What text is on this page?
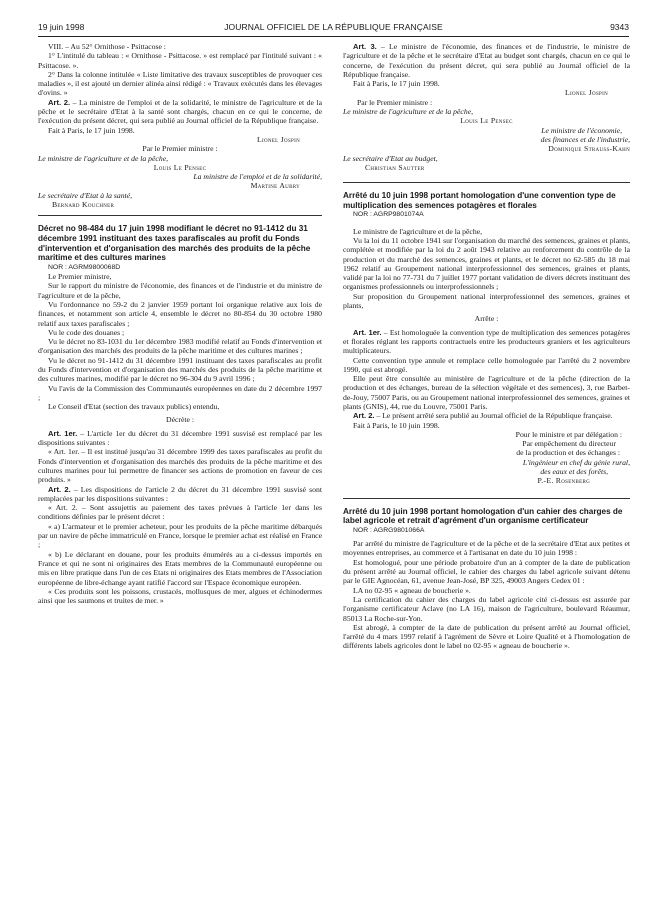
19 juin 1998	JOURNAL OFFICIEL DE LA RÉPUBLIQUE FRANÇAISE	9343

VIII. – Au 52° Ornithose - Psittacose :

1° L'intitulé du tableau : « Ornithose - Psittacose. » est remplacé par l'intitulé suivant : « Psittacose. ».

2° Dans la colonne intitulée « Liste limitative des travaux susceptibles de provoquer ces maladies », il est ajouté un dernier alinéa ainsi rédigé : « Travaux exécutés dans les élevages d'ovins. »

Art. 2. – La ministre de l'emploi et de la solidarité, le ministre de l'agriculture et de la pêche et le secrétaire d'Etat à la santé sont chargés, chacun en ce qui le concerne, de l'exécution du présent décret, qui sera publié au Journal officiel de la République française.

Fait à Paris, le 17 juin 1998.

Lionel Jospin

Par le Premier ministre :

Le ministre de l'agriculture et de la pêche,

Louis Le Pensec

La ministre de l'emploi et de la solidarité,

Martine Aubry

Le secrétaire d'Etat à la santé,

Bernard Kouchner

Décret no 98-484 du 17 juin 1998 modifiant le décret no 91-1412 du 31 décembre 1991 instituant des taxes parafiscales au profit du Fonds d'intervention et d'organisation des marchés des produits de la pêche maritime et des cultures marines

NOR : AGRM9800068D

Le Premier ministre,

Sur le rapport du ministre de l'économie, des finances et de l'industrie et du ministre de l'agriculture et de la pêche,

Vu l'ordonnance no 59-2 du 2 janvier 1959 portant loi organique relative aux lois de finances, et notamment son article 4, ensemble le décret no 80-854 du 30 octobre 1980 relatif aux taxes parafiscales ;

Vu le code des douanes ;

Vu le décret no 83-1031 du 1er décembre 1983 modifié relatif au Fonds d'intervention et d'organisation des marchés des produits de la pêche maritime et des cultures marines ;

Vu le décret no 91-1412 du 31 décembre 1991 instituant des taxes parafiscales au profit du Fonds d'intervention et d'organisation des marchés des produits de la pêche maritime et des cultures marines, modifié par le décret no 96-304 du 9 avril 1996 ;

Vu l'avis de la Commission des Communautés européennes en date du 2 décembre 1997 ;

Le Conseil d'Etat (section des travaux publics) entendu,

Décrète :

Art. 1er. – L'article 1er du décret du 31 décembre 1991 susvisé est remplacé par les dispositions suivantes :

« Art. 1er. – Il est institué jusqu'au 31 décembre 1999 des taxes parafiscales au profit du Fonds d'intervention et d'organisation des marchés des produits de la pêche maritime et des cultures marines pour lui permettre de financer ses actions de promotion en faveur de ces produits. »

Art. 2. – Les dispositions de l'article 2 du décret du 31 décembre 1991 susvisé sont remplacées par les dispositions suivantes :

« Art. 2. – Sont assujettis au paiement des taxes prévues à l'article 1er dans les conditions définies par le présent décret :

« a) L'armateur et le premier acheteur, pour les produits de la pêche maritime débarqués par un navire de pêche immatriculé en France, lorsque le premier achat est réalisé en France ;

« b) Le déclarant en douane, pour les produits énumérés au a ci-dessus importés en France et qui ne sont ni originaires des Etats membres de la Communauté européenne ou mis en libre pratique dans l'un de ces Etats ni originaires des Etats membres de l'Association européenne de libre-échange ayant ratifié l'accord sur l'Espace économique européen.

« Ces produits sont les poissons, crustacés, mollusques de mer, algues et échinodermes ainsi que les saumons et truites de mer. »

Art. 3. – Le ministre de l'économie, des finances et de l'industrie, le ministre de l'agriculture et de la pêche et le secrétaire d'Etat au budget sont chargés, chacun en ce qui le concerne, de l'exécution du présent décret, qui sera publié au Journal officiel de la République française.

Fait à Paris, le 17 juin 1998.

Lionel Jospin

Par le Premier ministre :

Le ministre de l'agriculture et de la pêche,

Louis Le Pensec

Le ministre de l'économie,

des finances et de l'industrie,

Dominique Strauss-Kahn

Le secrétaire d'Etat au budget,

Christian Sautter

Arrêté du 10 juin 1998 portant homologation d'une convention type de multiplication des semences potagères et florales

NOR : AGRP9801074A

Le ministre de l'agriculture et de la pêche,

Vu la loi du 11 octobre 1941 sur l'organisation du marché des semences, graines et plants, complétée et modifiée par la loi du 2 août 1943 relative au renforcement du contrôle de la production et du marché des semences, graines et plants, et le décret no 62-585 du 18 mai 1962 relatif au Groupement national interprofessionnel des semences, graines et plants, validé par la loi no 77-731 du 7 juillet 1977 portant validation de divers décrets instituant des organismes professionnels ou interprofessionnels ;

Sur proposition du Groupement national interprofessionnel des semences, graines et plants,

Arrête :

Art. 1er. – Est homologuée la convention type de multiplication des semences potagères et florales réglant les rapports contractuels entre les producteurs graniers et les agriculteurs multiplicateurs.

Cette convention type annule et remplace celle homologuée par l'arrêté du 2 novembre 1990, qui est abrogé.

Elle peut être consultée au ministère de l'agriculture et de la pêche (direction de la production et des échanges, bureau de la sélection végétale et des semences), 3, rue Barbet-de-Jouy, 75007 Paris, ou au Groupement national interprofessionnel des semences, graines et plants (GNIS), 44, rue du Louvre, 75001 Paris.

Art. 2. – Le présent arrêté sera publié au Journal officiel de la République française.

Fait à Paris, le 10 juin 1998.

Pour le ministre et par délégation :

Par empêchement du directeur

de la production et des échanges :

L'ingénieur en chef du génie rural,

des eaux et des forêts,

P.-E. Rosenberg

Arrêté du 10 juin 1998 portant homologation d'un cahier des charges de label agricole et retrait d'agrément d'un organisme certificateur

NOR : AGRG9801066A

Par arrêté du ministre de l'agriculture et de la pêche et de la secrétaire d'Etat aux petites et moyennes entreprises, au commerce et à l'artisanat en date du 10 juin 1998 :

Est homologué, pour une période probatoire d'un an à compter de la date de publication du présent arrêté au Journal officiel, le cahier des charges du label agricole suivant détenu par le GIE Agnocéan, 61, avenue Jean-José, BP 325, 49003 Angers Cedex 01 :

LA no 02-95 « agneau de boucherie ».

La certification du cahier des charges du label agricole cité ci-dessus est assurée par l'organisme certificateur Aclave (no LA 16), maison de l'agriculture, boulevard Réaumur, 85013 La Roche-sur-Yon.

Est abrogé, à compter de la date de publication du présent arrêté au Journal officiel, l'arrêté du 4 mars 1997 relatif à l'agrément de Sèvre et Loire Qualité et à l'homologation de différents labels agricoles dont le label no 02-95 « agneau de boucherie ».
